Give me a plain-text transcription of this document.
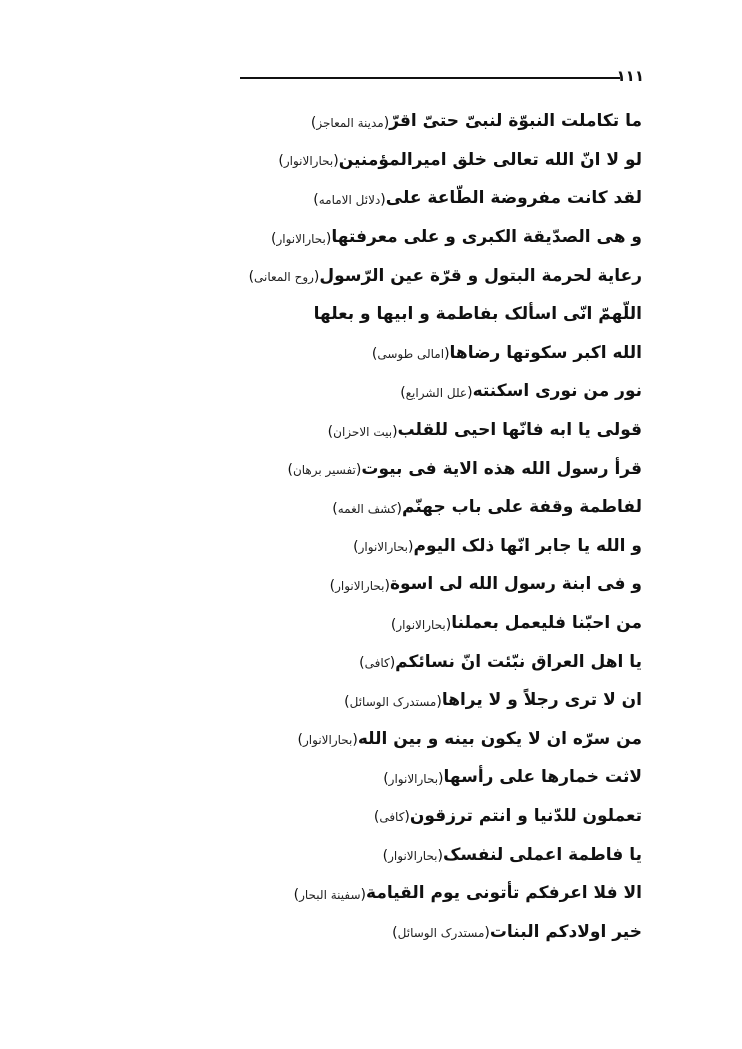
۱۱۱
ما تکاملت النبوّة لنبیّ حتیّ اقرّ
(مدینة المعاجز)
لو لا انّ الله تعالی خلق امیرالمؤمنین
(بحارالانوار)
لقد کانت مفروضة الطّاعة علی
(دلائل الامامه)
و هی الصدّیقة الکبری و علی معرفتها
(بحارالانوار)
رعایة لحرمة البتول و قرّة عین الرّسول
(روح المعانی)
اللّهمّ انّی اسألک بفاطمة و ابیها و بعلها
الله اکبر سکوتها رضاها
(امالی طوسی)
نور من نوری اسکنته
(علل الشرایع)
قولی یا ابه فانّها احیی للقلب
(بیت الاحزان)
قرأ رسول الله هذه الایة فی بیوت
(تفسیر برهان)
لفاطمة وقفة علی باب جهنّم
(کشف الغمه)
و الله یا جابر انّها ذلک الیوم
(بحارالانوار)
و فی ابنة رسول الله لی اسوة
(بحارالانوار)
من احبّنا فلیعمل بعملنا
(بحارالانوار)
یا اهل العراق نبّئت انّ نسائکم
(کافی)
ان لا تری رجلاً و لا یراها
(مستدرک الوسائل)
من سرّه ان لا یکون بینه و بین الله
(بحارالانوار)
لاثت خمارها علی رأسها
(بحارالانوار)
تعملون للدّنیا و انتم ترزقون
(کافی)
یا فاطمة اعملی لنفسک
(بحارالانوار)
الا فلا اعرفکم تأتونی یوم القیامة
(سفینة البحار)
خیر اولادکم البنات
(مستدرک الوسائل)
